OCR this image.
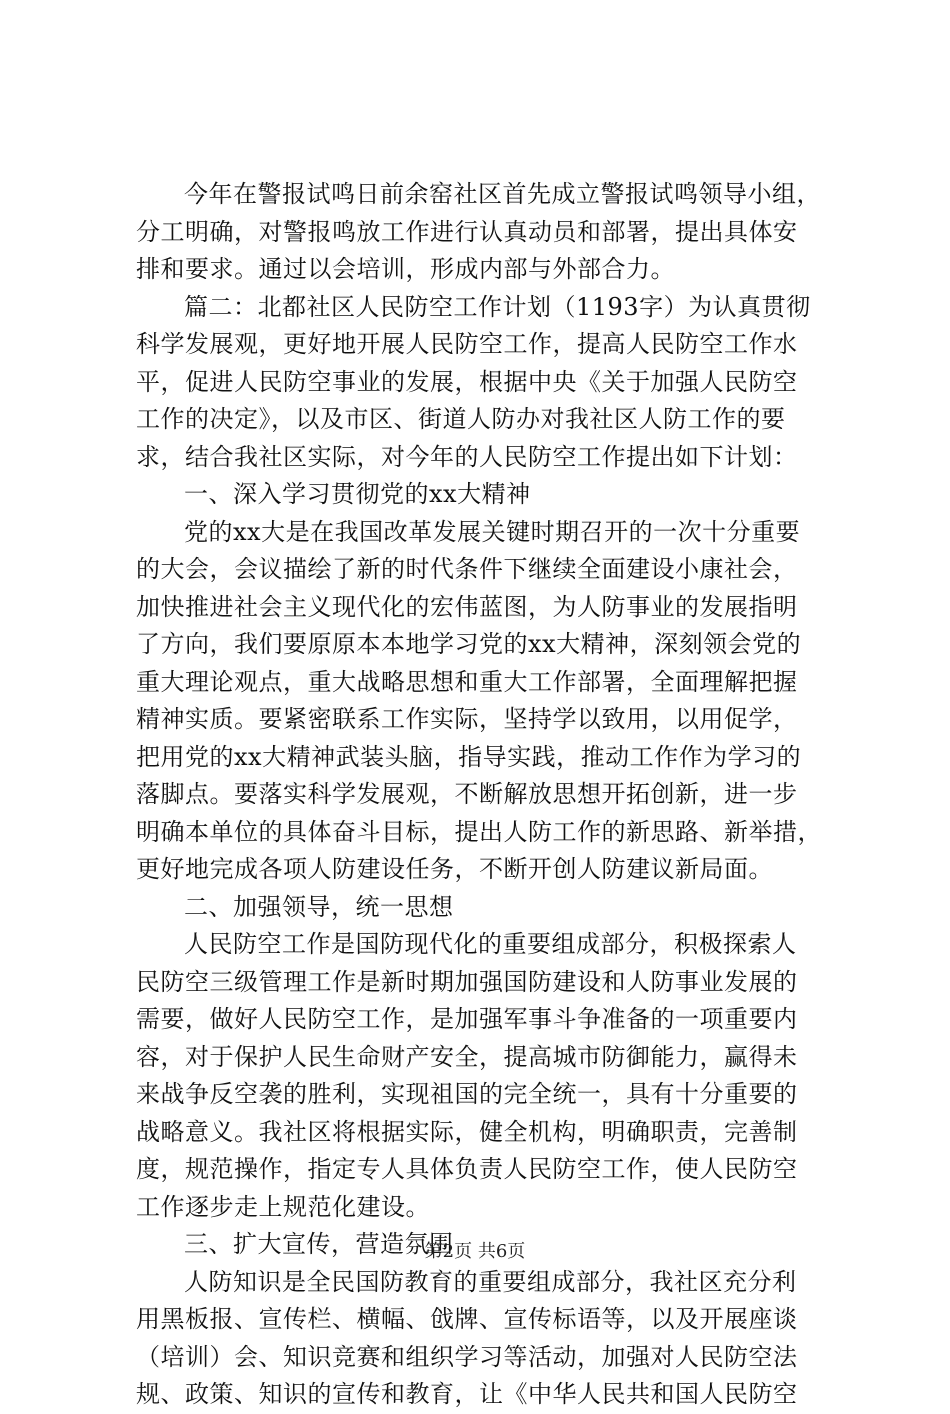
今年在警报试鸣日前余窑社区首先成立警报试鸣领导小组，
分工明确，对警报鸣放工作进行认真动员和部署，提出具体安
排和要求。通过以会培训，形成内部与外部合力。
篇二：北都社区人民防空工作计划（1193字）为认真贯彻
科学发展观，更好地开展人民防空工作，提高人民防空工作水
平，促进人民防空事业的发展，根据中央《关于加强人民防空
工作的决定》，以及市区、街道人防办对我社区人防工作的要
求，结合我社区实际，对今年的人民防空工作提出如下计划：
一、深入学习贯彻党的xx大精神
党的xx大是在我国改革发展关键时期召开的一次十分重要
的大会，会议描绘了新的时代条件下继续全面建设小康社会，
加快推进社会主义现代化的宏伟蓝图，为人防事业的发展指明
了方向，我们要原原本本地学习党的xx大精神，深刻领会党的
重大理论观点，重大战略思想和重大工作部署，全面理解把握
精神实质。要紧密联系工作实际，坚持学以致用，以用促学，
把用党的xx大精神武装头脑，指导实践，推动工作作为学习的
落脚点。要落实科学发展观，不断解放思想开拓创新，进一步
明确本单位的具体奋斗目标，提出人防工作的新思路、新举措，
更好地完成各项人防建设任务，不断开创人防建议新局面。
二、加强领导，统一思想
人民防空工作是国防现代化的重要组成部分，积极探索人
民防空三级管理工作是新时期加强国防建设和人防事业发展的
需要，做好人民防空工作，是加强军事斗争准备的一项重要内
容，对于保护人民生命财产安全，提高城市防御能力，赢得未
来战争反空袭的胜利，实现祖国的完全统一，具有十分重要的
战略意义。我社区将根据实际，健全机构，明确职责，完善制
度，规范操作，指定专人具体负责人民防空工作，使人民防空
工作逐步走上规范化建设。
三、扩大宣传，营造氛围
人防知识是全民国防教育的重要组成部分，我社区充分利
用黑板报、宣传栏、横幅、戗牌、宣传标语等，以及开展座谈
（培训）会、知识竞赛和组织学习等活动，加强对人民防空法
规、政策、知识的宣传和教育，让《中华人民共和国人民防空
第2页 共6页
